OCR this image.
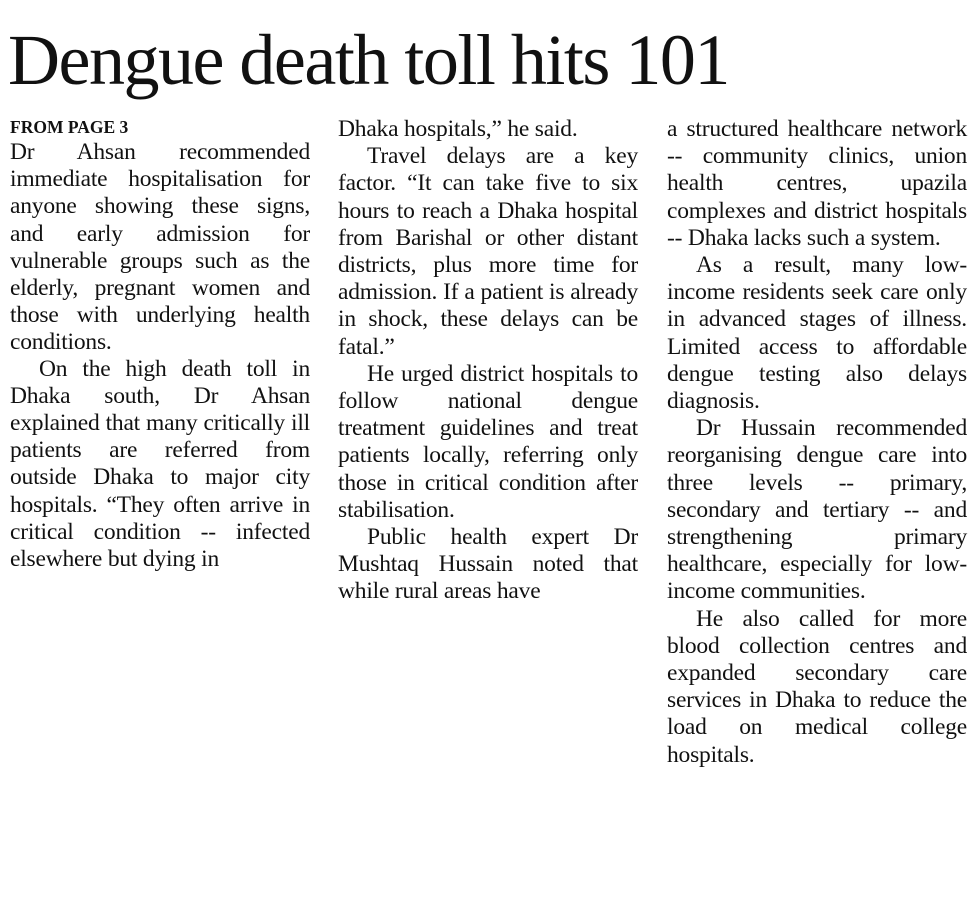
Dengue death toll hits 101
FROM PAGE 3

Dr Ahsan recommended immediate hospitalisation for anyone showing these signs, and early admission for vulnerable groups such as the elderly, pregnant women and those with underlying health conditions.

On the high death toll in Dhaka south, Dr Ahsan explained that many critically ill patients are referred from outside Dhaka to major city hospitals. “They often arrive in critical condition -- infected elsewhere but dying in

Dhaka hospitals,” he said.

Travel delays are a key factor. “It can take five to six hours to reach a Dhaka hospital from Barishal or other distant districts, plus more time for admission. If a patient is already in shock, these delays can be fatal.”

He urged district hospitals to follow national dengue treatment guidelines and treat patients locally, referring only those in critical condition after stabilisation.

Public health expert Dr Mushtaq Hussain noted that while rural areas have

a structured healthcare network -- community clinics, union health centres, upazila complexes and district hospitals -- Dhaka lacks such a system.

As a result, many low-income residents seek care only in advanced stages of illness. Limited access to affordable dengue testing also delays diagnosis.

Dr Hussain recommended reorganising dengue care into three levels -- primary, secondary and tertiary -- and strengthening primary healthcare, especially for low-income communities.

He also called for more blood collection centres and expanded secondary care services in Dhaka to reduce the load on medical college hospitals.
